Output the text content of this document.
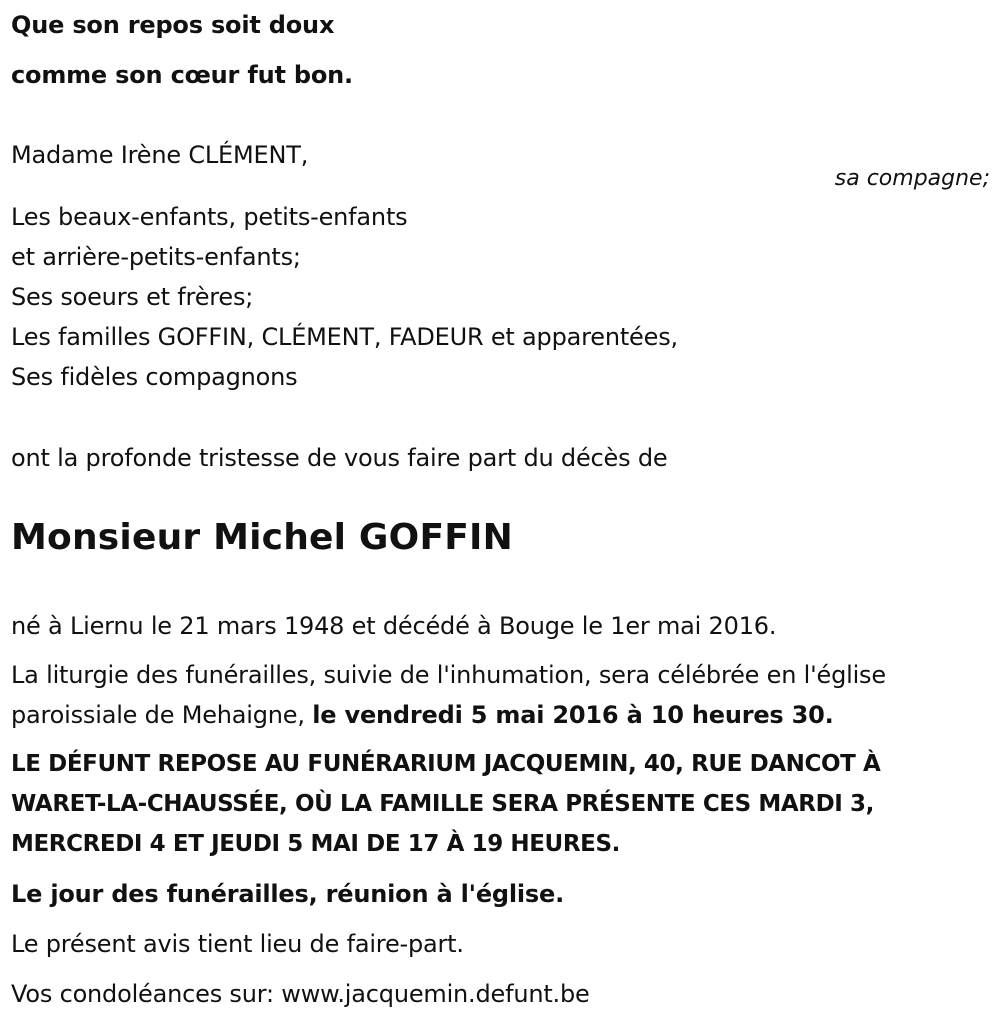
Que son repos soit doux
comme son cœur fut bon.
Madame Irène CLÉMENT,
sa compagne;
Les beaux-enfants, petits-enfants
et arrière-petits-enfants;
Ses soeurs et frères;
Les familles GOFFIN, CLÉMENT, FADEUR et apparentées,
Ses fidèles compagnons
ont la profonde tristesse de vous faire part du décès de
Monsieur Michel GOFFIN
né à Liernu le 21 mars 1948 et décédé à Bouge le 1er mai 2016.
La liturgie des funérailles, suivie de l'inhumation, sera célébrée en l'église
paroissiale de Mehaigne, le vendredi 5 mai 2016 à 10 heures 30.
LE DÉFUNT REPOSE AU FUNÉRARIUM JACQUEMIN, 40, RUE DANCOT À
WARET-LA-CHAUSSÉE, OÙ LA FAMILLE SERA PRÉSENTE CES MARDI 3,
MERCREDI 4 ET JEUDI 5 MAI DE 17 À 19 HEURES.
Le jour des funérailles, réunion à l'église.
Le présent avis tient lieu de faire-part.
Vos condoléances sur: www.jacquemin.defunt.be
